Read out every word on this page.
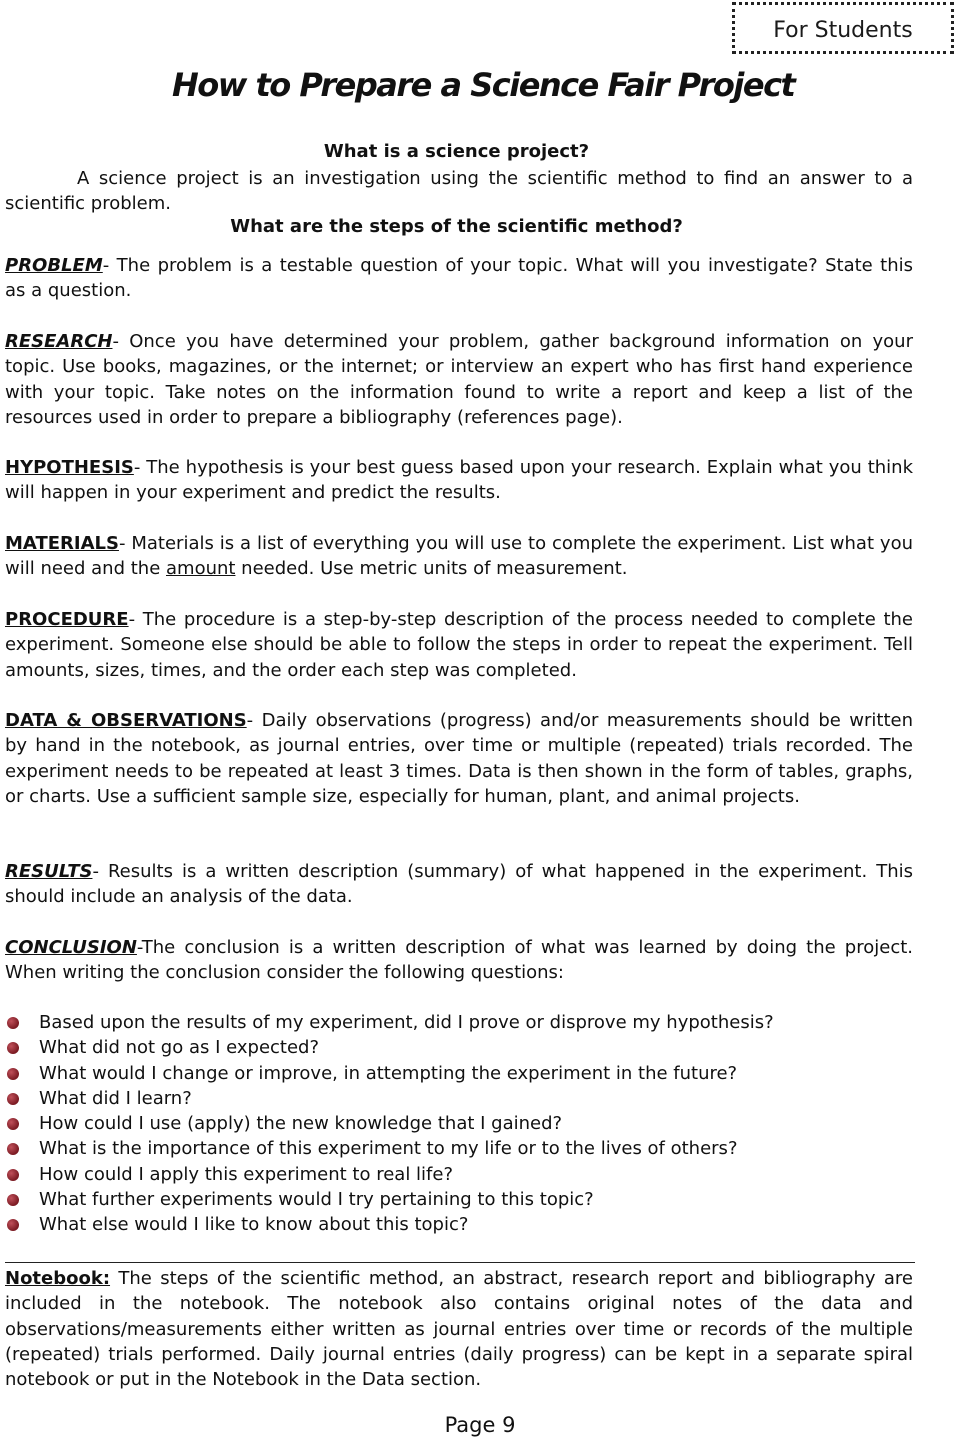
For Students
How to Prepare a Science Fair Project
What is a science project?
A science project is an investigation using the scientific method to find an answer to a scientific problem.
What are the steps of the scientific method?
PROBLEM- The problem is a testable question of your topic. What will you investigate? State this as a question.
RESEARCH- Once you have determined your problem, gather background information on your topic. Use books, magazines, or the internet; or interview an expert who has first hand experience with your topic. Take notes on the information found to write a report and keep a list of the resources used in order to prepare a bibliography (references page).
HYPOTHESIS- The hypothesis is your best guess based upon your research. Explain what you think will happen in your experiment and predict the results.
MATERIALS- Materials is a list of everything you will use to complete the experiment. List what you will need and the amount needed. Use metric units of measurement.
PROCEDURE- The procedure is a step-by-step description of the process needed to complete the experiment. Someone else should be able to follow the steps in order to repeat the experiment. Tell amounts, sizes, times, and the order each step was completed.
DATA & OBSERVATIONS- Daily observations (progress) and/or measurements should be written by hand in the notebook, as journal entries, over time or multiple (repeated) trials recorded. The experiment needs to be repeated at least 3 times. Data is then shown in the form of tables, graphs, or charts. Use a sufficient sample size, especially for human, plant, and animal projects.
RESULTS- Results is a written description (summary) of what happened in the experiment. This should include an analysis of the data.
CONCLUSION-The conclusion is a written description of what was learned by doing the project. When writing the conclusion consider the following questions:
Based upon the results of my experiment, did I prove or disprove my hypothesis?
What did not go as I expected?
What would I change or improve, in attempting the experiment in the future?
What did I learn?
How could I use (apply) the new knowledge that I gained?
What is the importance of this experiment to my life or to the lives of others?
How could I apply this experiment to real life?
What further experiments would I try pertaining to this topic?
What else would I like to know about this topic?
Notebook: The steps of the scientific method, an abstract, research report and bibliography are included in the notebook. The notebook also contains original notes of the data and observations/measurements either written as journal entries over time or records of the multiple (repeated) trials performed. Daily journal entries (daily progress) can be kept in a separate spiral notebook or put in the Notebook in the Data section.
Page 9
